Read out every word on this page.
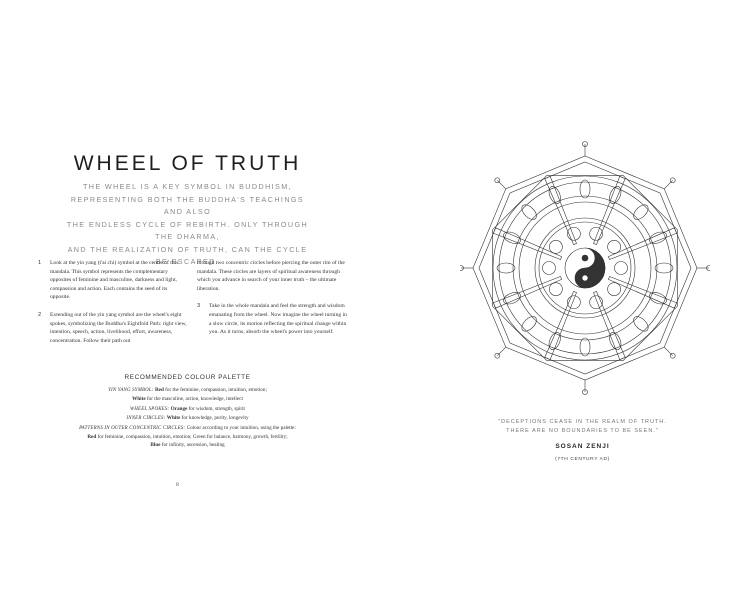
WHEEL OF TRUTH
THE WHEEL IS A KEY SYMBOL IN BUDDHISM,
REPRESENTING BOTH THE BUDDHA'S TEACHINGS AND ALSO
THE ENDLESS CYCLE OF REBIRTH. ONLY THROUGH THE DHARMA,
AND THE REALIZATION OF TRUTH, CAN THE CYCLE BE ESCAPED.
1 Look at the yin yang (t'ai chi) symbol at the centre of this mandala. This symbol represents the complementary opposites of feminine and masculine, darkness and light, compassion and action. Each contains the seed of its opposite.
2 Extending out of the yin yang symbol are the wheel's eight spokes, symbolizing the Buddha's Eightfold Path: right view, intention, speech, action, livelihood, effort, awareness, concentration. Follow their path out
through two concentric circles before piercing the outer rim of the mandala. These circles are layers of spiritual awareness through which you advance in search of your inner truth – the ultimate liberation.
3 Take in the whole mandala and feel the strength and wisdom emanating from the wheel. Now imagine the wheel turning in a slow circle, its motion reflecting the spiritual change within you. As it turns, absorb the wheel's power into yourself.
RECOMMENDED COLOUR PALETTE
YIN YANG SYMBOL: Red for the feminine, compassion, intuition, emotion;
White for the masculine, action, knowledge, intellect
WHEEL SPOKES: Orange for wisdom, strength, spirit
INNER CIRCLES: White for knowledge, purity, longevity
PATTERNS IN OUTER CONCENTRIC CIRCLES: Colour according to your intuition, using the palette:
Red for feminine, compassion, intuition, emotion; Green for balance, harmony, growth, fertility;
Blue for infinity, ascension, healing
8
"DECEPTIONS CEASE IN THE REALM OF TRUTH.
THERE ARE NO BOUNDARIES TO BE SEEN."
SOSAN ZENJI
(7TH CENTURY AD)
